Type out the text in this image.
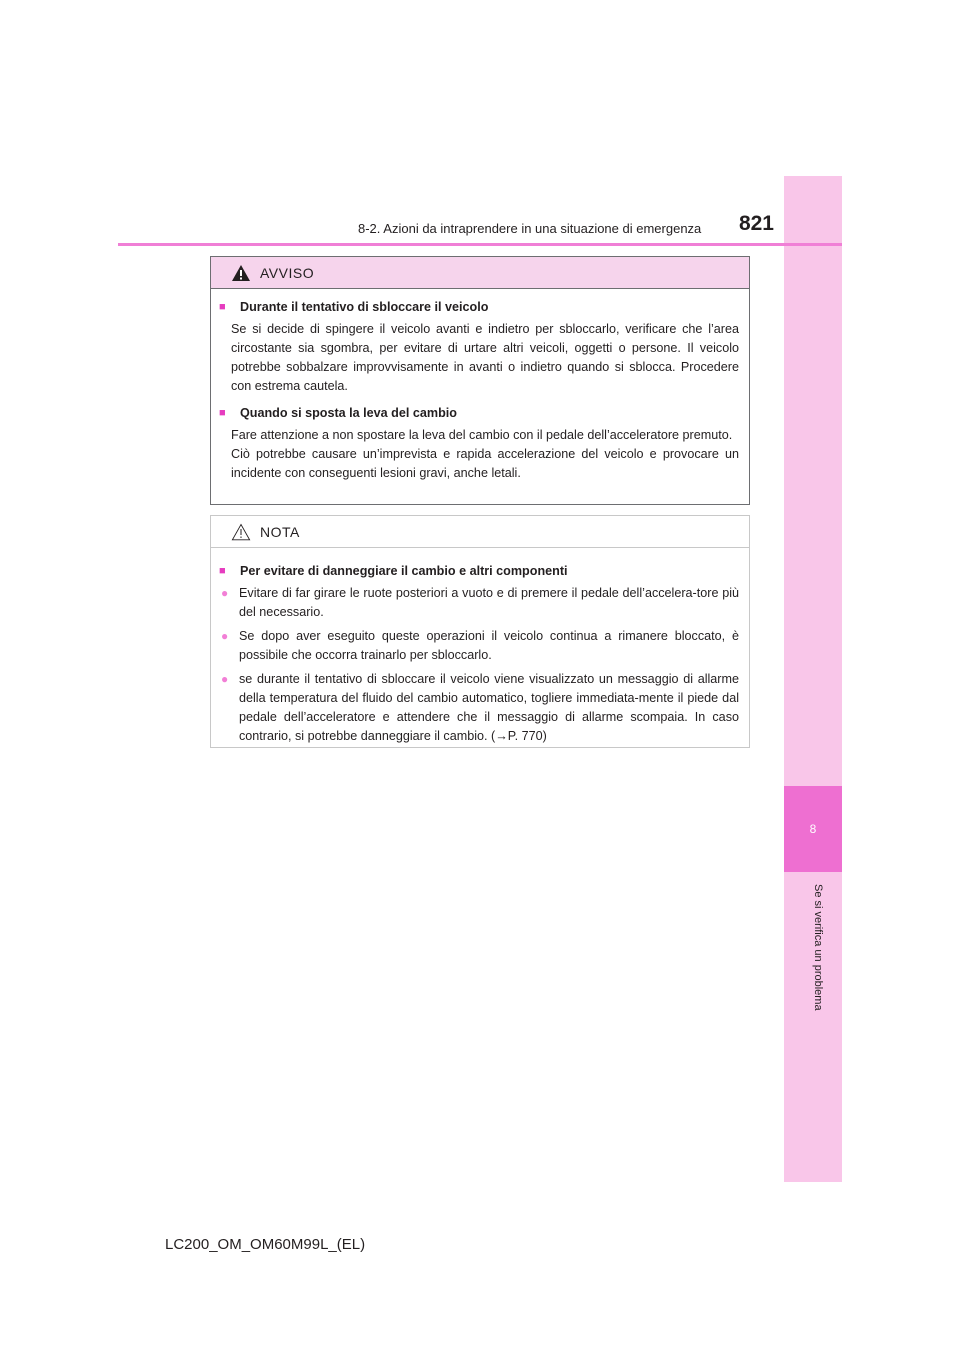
8
Se si verifica un problema
8-2. Azioni da intraprendere in una situazione di emergenza	821
AVVISO
■	Durante il tentativo di sbloccare il veicolo
Se si decide di spingere il veicolo avanti e indietro per sbloccarlo, verificare che l’area circostante sia sgombra, per evitare di urtare altri veicoli, oggetti o persone. Il veicolo potrebbe sobbalzare improvvisamente in avanti o indietro quando si sblocca. Procedere con estrema cautela.
■	Quando si sposta la leva del cambio
Fare attenzione a non spostare la leva del cambio con il pedale dell’acceleratore premuto.
Ciò potrebbe causare un’imprevista e rapida accelerazione del veicolo e provocare un incidente con conseguenti lesioni gravi, anche letali.
NOTA
■	Per evitare di danneggiare il cambio e altri componenti
● Evitare di far girare le ruote posteriori a vuoto e di premere il pedale dell’accelera-tore più del necessario.
● Se dopo aver eseguito queste operazioni il veicolo continua a rimanere bloccato, è possibile che occorra trainarlo per sbloccarlo.
● se durante il tentativo di sbloccare il veicolo viene visualizzato un messaggio di allarme della temperatura del fluido del cambio automatico, togliere immediata-mente il piede dal pedale dell’acceleratore e attendere che il messaggio di allarme scompaia. In caso contrario, si potrebbe danneggiare il cambio. (→P. 770)
LC200_OM_OM60M99L_(EL)
